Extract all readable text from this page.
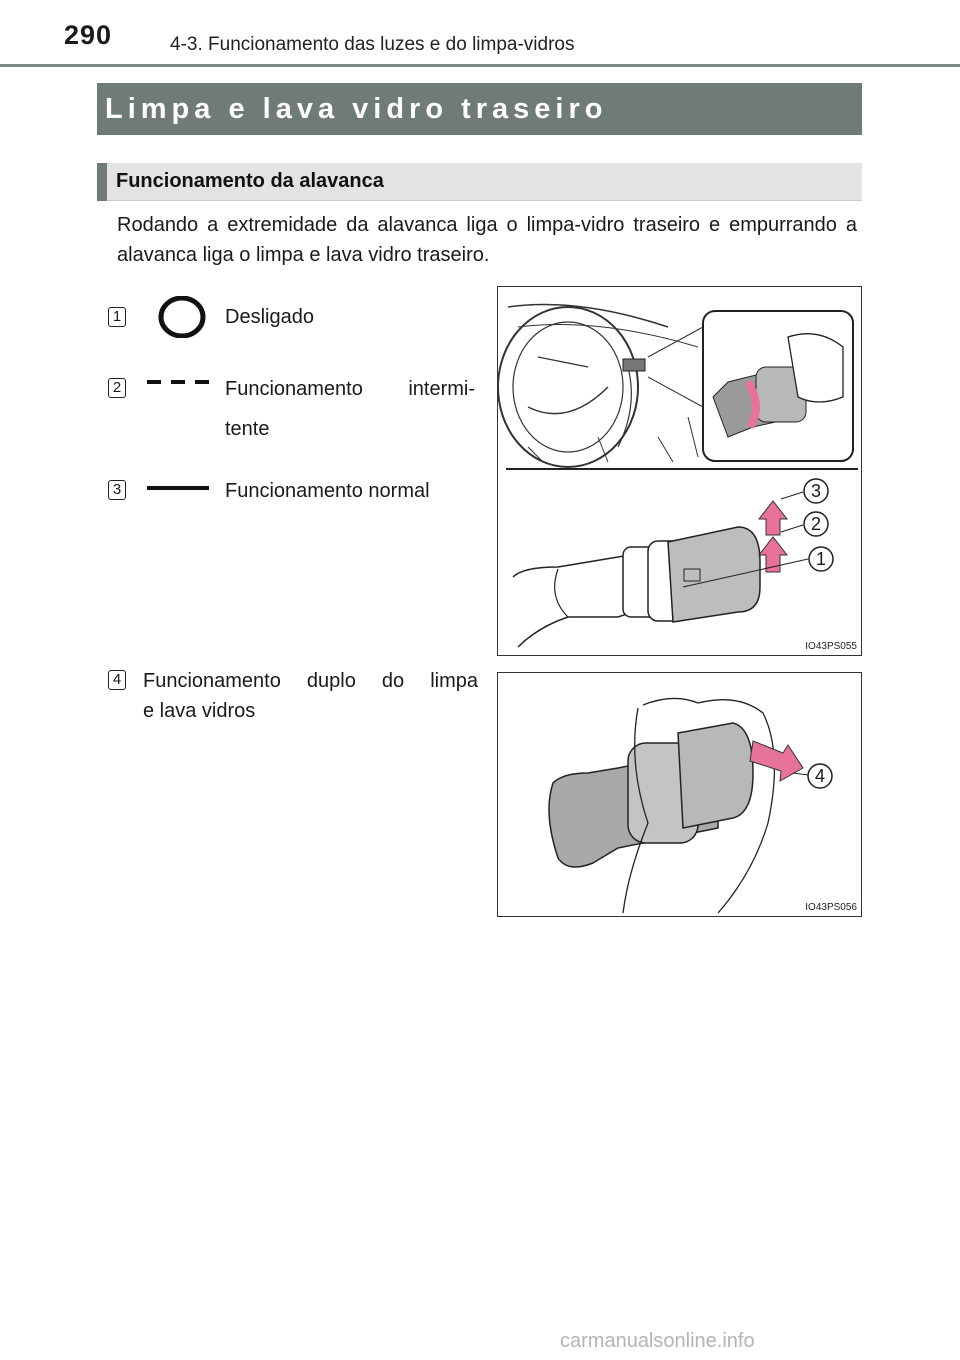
290	4-3. Funcionamento das luzes e do limpa-vidros
Limpa e lava vidro traseiro
Funcionamento da alavanca
Rodando a extremidade da alavanca liga o limpa-vidro traseiro e empurrando a alavanca liga o limpa e lava vidro traseiro.
1	Desligado
2	Funcionamento intermi-
tente
3	Funcionamento normal
4 Funcionamento duplo do limpa
e lava vidros
3
2
1
IO43PS055
4
IO43PS056
carmanualsonline.info
